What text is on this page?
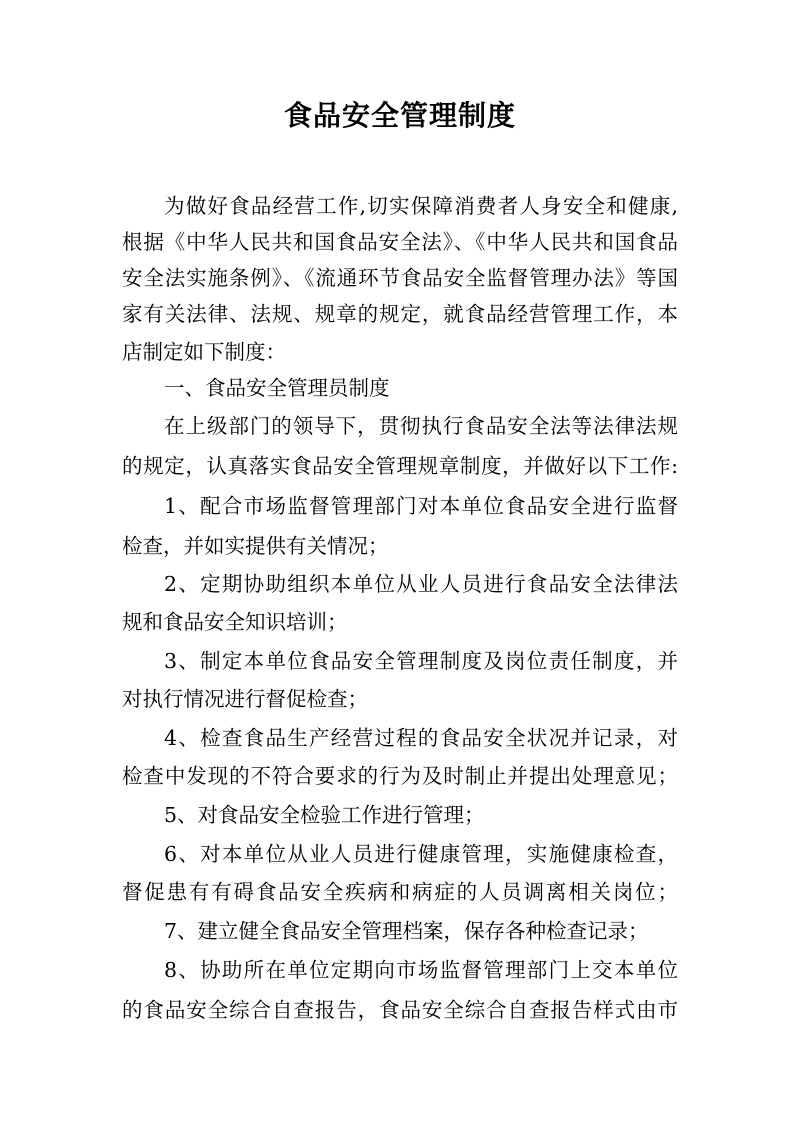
食品安全管理制度
为做好食品经营工作,切实保障消费者人身安全和健康,
根据《中华人民共和国食品安全法》、《中华人民共和国食品
安全法实施条例》、《流通环节食品安全监督管理办法》等国
家有关法律、法规、规章的规定，就食品经营管理工作，本
店制定如下制度：
一、食品安全管理员制度
在上级部门的领导下，贯彻执行食品安全法等法律法规
的规定，认真落实食品安全管理规章制度，并做好以下工作:
1、配合市场监督管理部门对本单位食品安全进行监督
检查，并如实提供有关情况；
2、定期协助组织本单位从业人员进行食品安全法律法
规和食品安全知识培训；
3、制定本单位食品安全管理制度及岗位责任制度，并
对执行情况进行督促检查；
4、检查食品生产经营过程的食品安全状况并记录，对
检查中发现的不符合要求的行为及时制止并提出处理意见；
5、对食品安全检验工作进行管理；
6、对本单位从业人员进行健康管理，实施健康检查，
督促患有有碍食品安全疾病和病症的人员调离相关岗位；
7、建立健全食品安全管理档案，保存各种检查记录；
8、协助所在单位定期向市场监督管理部门上交本单位
的食品安全综合自查报告，食品安全综合自查报告样式由市
